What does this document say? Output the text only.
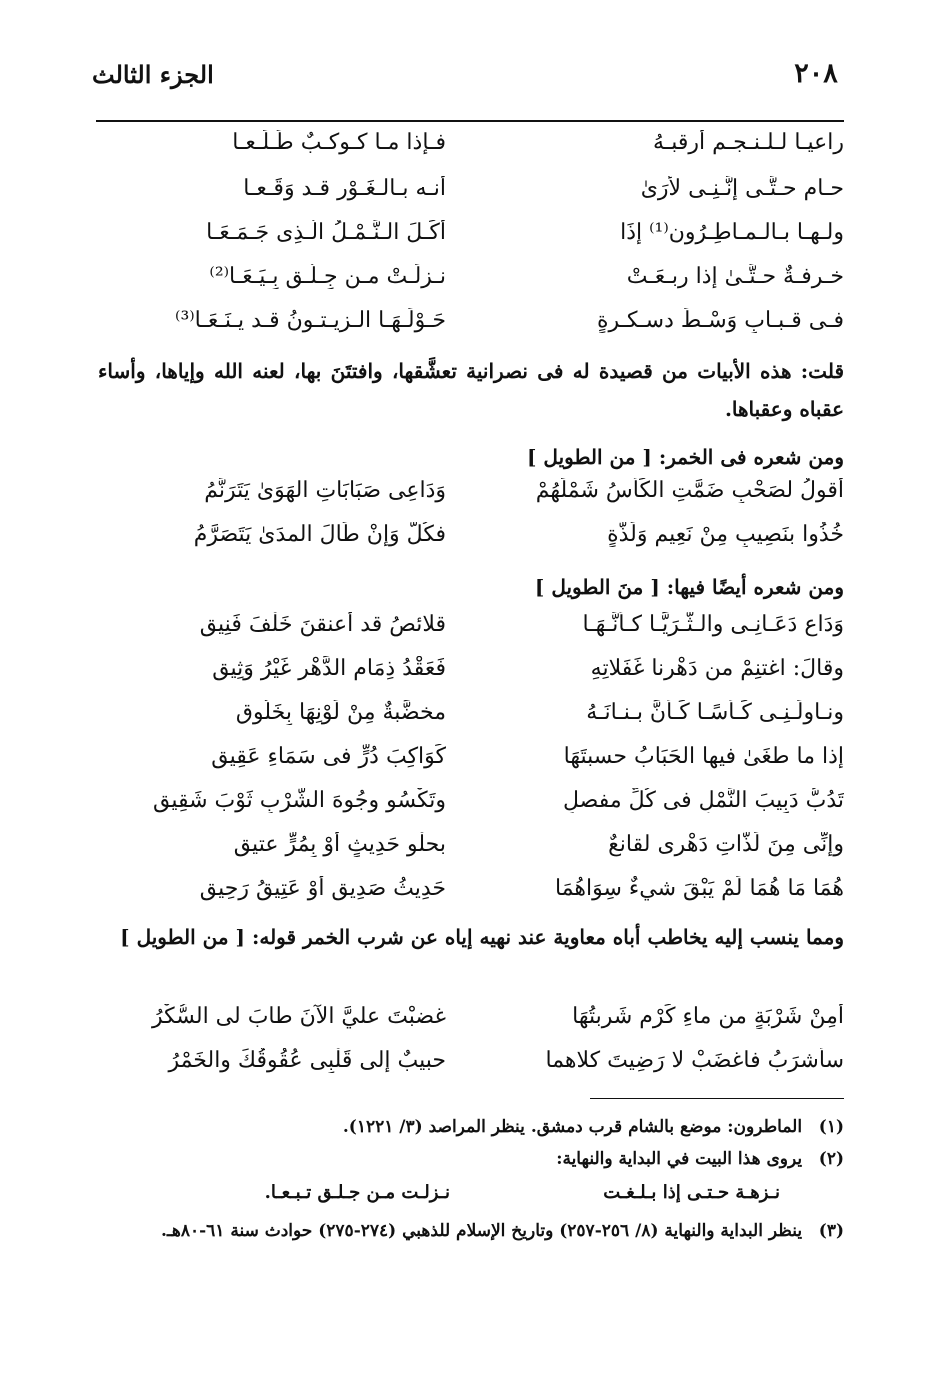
٢٠٨
الجزء الثالث
راعيـا لـلـنـجـم أرقبـهُ
فـإذا مـا كـوكـبٌ طَـلَـعـا
حـام حـتَّـى إنَّـنِـى لأرَىٰ
أنـه بـالـغَـوْر قـد وَقَـعـا
ولـهـا بـالـمـاطِـرُون⁽¹⁾ إذَا
أَكَـلَ الـنَّـمْـلُ الَّـذِى جَـمَـعَـا
خـرفـةٌ حـتَّـىٰ إذا ربـعَـتْ
نـزلَـتْ مـن جِـلَّـقٍ بِـيَـعَـا⁽²⁾
فـى قـبـابٍ وَسْـطَ دسـكـرةٍ
حَـوْلَـهَـا الـزيـتـونُ قـد يـنَـعَـا⁽³⁾
قلت: هذه الأبيات من قصيدة له فى نصرانية تعشَّقها، وافتتَنَ بها، لعنه الله وإياها، وأساء عقباه وعقباها.
ومن شعره فى الخمر: [ من الطويل ]
أقولُ لصَحْبٍ ضَمَّتِ الكَأسُ شَمْلَهُمْ
وَدَاعِى صَبَابَاتِ الهَوَىٰ يَتَرَنَّمُ
خُذُوا بنَصِيبٍ مِنْ نَعِيمٍ وَلَذَّةٍ
فكُلٌّ وَإنْ طَالَ المدَىٰ يَتَصَرَّمُ
ومن شعره أيضًا فيها: [ منَ الطويل ]
وَدَاعٍ دَعَـانِـى والـثُّـرَيَّـا كـأنَّـهَـا
قلائصُ قد أعنقنَ خَلْفَ فَنِيقِ
وقالَ: اغتنِمْ من دَهْرنا غَفَلاتِهِ
فَعَقْدُ ذِمَامِ الدَّهْرِ غَيْرُ وَثِيقِ
ونـاولَـنِـى كَـأْسًـا كَـأنَّ بـنـانَـهُ
مخضَّبةٌ مِنْ لَوْنِهَا بِخَلُوقِ
إذا ما طغَىٰ فيها الحَبَابُ حسبتَهَا
كَوَاكِبَ دُرٍّ فى سَمَاءِ عَقِيقِ
تَدُبُّ دَبِيبَ النَّمْلِ فى كُلِّ مفصلٍ
وتَكْسُو وجُوهَ الشَّرْبِ ثَوْبَ شَقِيقِ
وإنِّى مِنَ لَذَّاتِ دَهْرِى لقانعٌ
بحلْوِ حَدِيثٍ أَوْ بِمُرٍّ عتيقِ
هُمَا مَا هُمَا لَمْ يَبْقَ شيءٌ سِوَاهُمَا
حَدِيثُ صَدِيقٍ أَوْ عَتِيقُ رَحِيقِ
ومما ينسب إليه يخاطب أباه معاوية عند نهيه إياه عن شرب الخمر قوله: [ من الطويل ]
أمِنْ شَرْبَةٍ من ماءِ كَرْمٍ شَرِبتُهَا
غضبْتَ عليَّ الآنَ طابَ لى السُّكْرُ
سأشرَبُ فاغضَبْ لا رَضِيتَ كلاهما
حبيبٌ إلى قَلْبِى عُقُوقُكَ والخَمْرُ
(١) الماطرون: موضع بالشام قرب دمشق. ينظر المراصد (٣/ ١٢٢١).
(٢) يروى هذا البيت في البداية والنهاية:
نـزهـة حـتـى إذا بـلـغـت
نـزلـت مـن جـلـق تـبـعـا.
(٣) ينظر البداية والنهاية (٨/ ٢٥٦-٢٥٧) وتاريخ الإسلام للذهبي (٢٧٤-٢٧٥) حوادث سنة ٦١-٨٠هـ.
